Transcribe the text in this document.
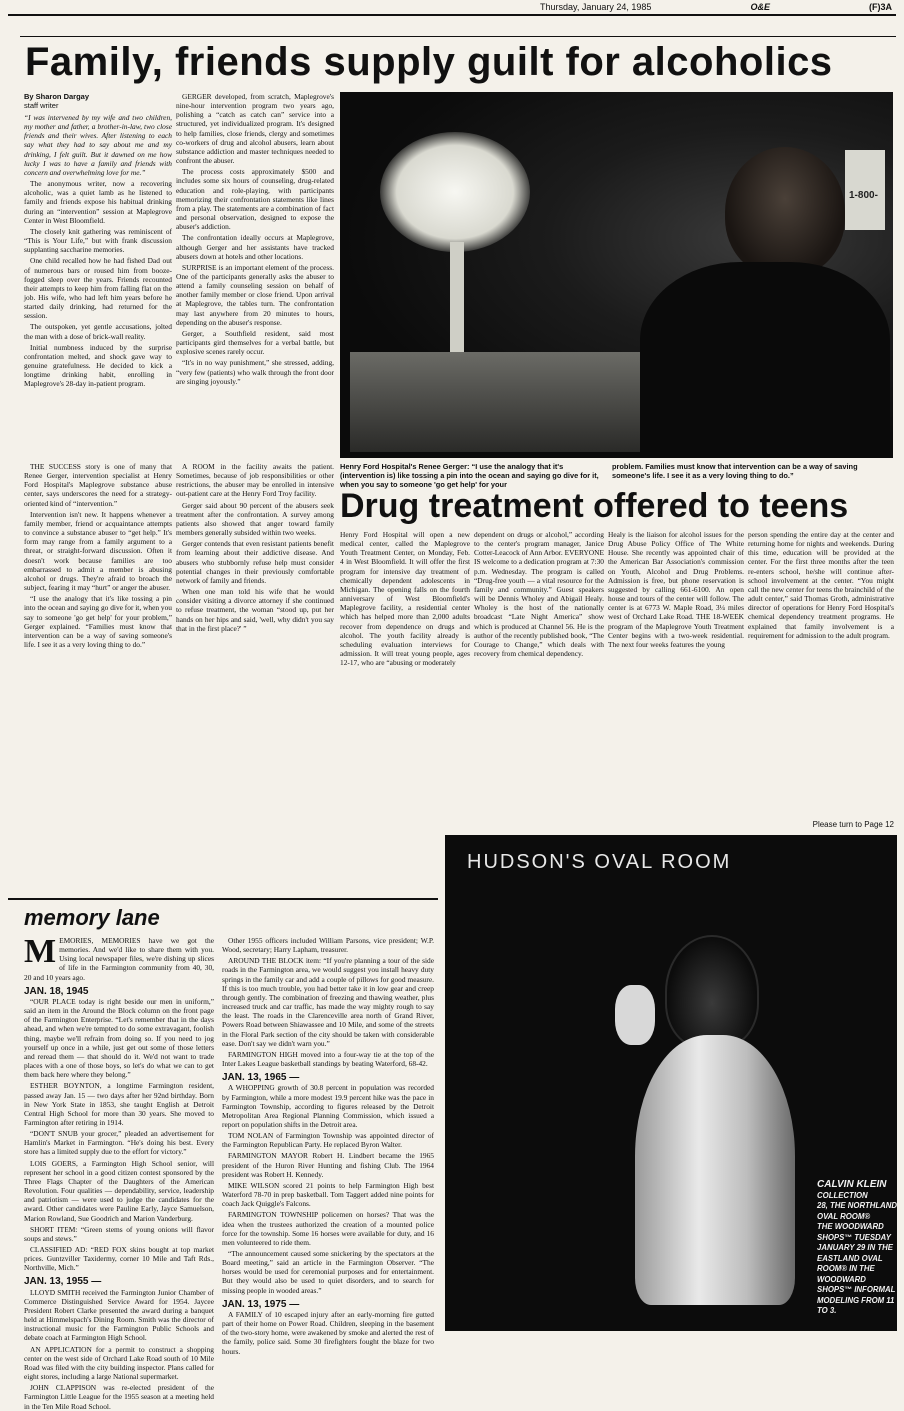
Thursday, January 24, 1985	O&E	(F)3A
Family, friends supply guilt for alcoholics
By Sharon Dargay
staff writer

“I was intervened by my wife and two children, my mother and father, a brother-in-law, two close friends and their wives. After listening to each say what they had to say about me and my drinking, I felt guilt. But it dawned on me how lucky I was to have a family and friends with concern and overwhelming love for me.”

The anonymous writer, now a recovering alcoholic, was a quiet lamb as he listened to family and friends expose his habitual drinking during an “intervention” session at Maplegrove Center in West Bloomfield.

The closely knit gathering was reminiscent of “This is Your Life,” but with frank discussion supplanting saccharine memories.

One child recalled how he had fished Dad out of numerous bars or roused him from booze-fogged sleep over the years. Friends recounted their attempts to keep him from falling flat on the job. His wife, who had left him years before he started daily drinking, had returned for the session.

The outspoken, yet gentle accusations, jolted the man with a dose of brick-wall reality.

Initial numbness induced by the surprise confrontation melted, and shock gave way to genuine gratefulness. He decided to kick a longtime drinking habit, enrolling in Maplegrove's 28-day in-patient program.

GERGER developed, from scratch, Maplegrove's nine-hour intervention program two years ago, polishing a “catch as catch can” service into a structured, yet individualized program. It's designed to help families, close friends, clergy and sometimes co-workers of drug and alcohol abusers, learn about substance addiction and master techniques needed to confront the abuser.

The process costs approximately $500 and includes some six hours of counseling, drug-related education and role-playing, with participants memorizing their confrontation statements like lines from a play. The statements are a combination of fact and personal observation, designed to expose the abuser's addiction.

The confrontation ideally occurs at Maplegrove, although Gerger and her assistants have tracked abusers down at hotels and other locations.

SURPRISE is an important element of the process. One of the participants generally asks the abuser to attend a family counseling session on behalf of another family member or close friend. Upon arrival at Maplegrove, the tables turn. The confrontation may last anywhere from 20 minutes to hours, depending on the abuser's response.

Gerger, a Southfield resident, said most participants gird themselves for a verbal battle, but explosive scenes rarely occur.

“It's in no way punishment,” she stressed, adding, “very few (patients) who walk through the front door are singing joyously.”

THE SUCCESS story is one of many that Renee Gerger, intervention specialist at Henry Ford Hospital's Maplegrove substance abuse center, says underscores the need for a strategy-oriented kind of “intervention.”

Intervention isn't new. It happens whenever a family member, friend or acquaintance attempts to convince a substance abuser to “get help.” It's form may range from a family argument to a threat, or straight-forward discussion. Often it doesn't work because families are too embarrassed to admit a member is abusing alcohol or drugs. They're afraid to broach the subject, fearing it may “hurt” or anger the abuser.

“I use the analogy that it's like tossing a pin into the ocean and saying go dive for it, when you say to someone 'go get help' for your problem,” Gerger explained. “Families must know that intervention can be a way of saving someone's life. I see it as a very loving thing to do.”

A ROOM in the facility awaits the patient. Sometimes, because of job responsibilities or other restrictions, the abuser may be enrolled in intensive out-patient care at the Henry Ford Troy facility.

Gerger said about 90 percent of the abusers seek treatment after the confrontation. A survey among patients also showed that anger toward family members generally subsided within two weeks.

Gerger contends that even resistant patients benefit from learning about their addictive disease. And abusers who stubbornly refuse help must consider potential changes in their previously comfortable network of family and friends.

When one man told his wife that he would consider visiting a divorce attorney if she continued to refuse treatment, the woman “stood up, put her hands on her hips and said, 'well, why didn't you say that in the first place?' ”

1-800-
Henry Ford Hospital's Renee Gerger: “I use the analogy that it's (intervention is) like tossing a pin into the ocean and saying go dive for it, when you say to someone 'go get help' for your
problem. Families must know that intervention can be a way of saving someone's life. I see it as a very loving thing to do.”
Drug treatment offered to teens

Henry Ford Hospital will open a new medical center, called the Maplegrove Youth Treatment Center, on Monday, Feb. 4 in West Bloomfield. It will offer the first program for intensive day treatment of chemically dependent adolescents in Michigan. The opening falls on the fourth anniversary of West Bloomfield's Maplegrove facility, a residential center which has helped more than 2,000 adults recover from dependence on drugs and alcohol. The youth facility already is scheduling evaluation interviews for admission. It will treat young people, ages 12-17, who are “abusing or moderately

dependent on drugs or alcohol,” according to the center's program manager, Janice Cotter-Leacock of Ann Arbor. EVERYONE IS welcome to a dedication program at 7:30 p.m. Wednesday. The program is called “Drug-free youth — a vital resource for the family and community.” Guest speakers will be Dennis Wholey and Abigail Healy. Wholey is the host of the nationally broadcast “Late Night America” show which is produced at Channel 56. He is the author of the recently published book, “The Courage to Change,” which deals with recovery from chemical dependency.

Healy is the liaison for alcohol issues for the Drug Abuse Policy Office of The White House. She recently was appointed chair of the American Bar Association's commission on Youth, Alcohol and Drug Problems. Admission is free, but phone reservation is suggested by calling 661-6100. An open house and tours of the center will follow. The center is at 6773 W. Maple Road, 3¼ miles west of Orchard Lake Road. THE 18-WEEK program of the Maplegrove Youth Treatment Center begins with a two-week residential. The next four weeks features the young

person spending the entire day at the center and returning home for nights and weekends. During this time, education will be provided at the center. For the first three months after the teen re-enters school, he/she will continue after-school involvement at the center. “You might call the new center for teens the brainchild of the adult center,” said Thomas Groth, administrative director of operations for Henry Ford Hospital's chemical dependency treatment programs. He explained that family involvement is a requirement for admission to the adult program.

Please turn to Page 12
memory lane

MEMORIES, MEMORIES have we got the memories. And we'd like to share them with you. Using local newspaper files, we're dishing up slices of life in the Farmington community from 40, 30, 20 and 10 years ago.

JAN. 18, 1945

“OUR PLACE today is right beside our men in uniform,” said an item in the Around the Block column on the front page of the Farmington Enterprise. “Let's remember that in the days ahead, and when we're tempted to do some extravagant, foolish thing, maybe we'll refrain from doing so. If you need to jog yourself up once in a while, just get out some of those letters and reread them — that should do it. We'd not want to trade places with a one of those boys, so let's do what we can to get them back here where they belong.”

ESTHER BOYNTON, a longtime Farmington resident, passed away Jan. 15 — two days after her 92nd birthday. Born in New York State in 1853, she taught English at Detroit Central High School for more than 30 years. She moved to Farmington after retiring in 1914.

“DON'T SNUB your grocer,” pleaded an advertisement for Hamlin's Market in Farmington. “He's doing his best. Every store has a limited supply due to the effort for victory.”

LOIS GOERS, a Farmington High School senior, will represent her school in a good citizen contest sponsored by the Three Flags Chapter of the Daughters of the American Revolution. Four qualities — dependability, service, leadership and patriotism — were used to judge the candidates for the award. Other candidates were Pauline Early, Jayce Samuelson, Marion Rowland, Sue Goodrich and Marion Vanderburg.

SHORT ITEM: “Green stems of young onions will flavor soups and stews.”

CLASSIFIED AD: “RED FOX skins bought at top market prices. Guntzviller Taxidermy, corner 10 Mile and Taft Rds., Northville, Mich.”

JAN. 13, 1955 —

LLOYD SMITH received the Farmington Junior Chamber of Commerce Distinguished Service Award for 1954. Jaycee President Robert Clarke presented the award during a banquet held at Himmelspach's Dining Room. Smith was the director of instructional music for the Farmington Public Schools and debate coach at Farmington High School.

AN APPLICATION for a permit to construct a shopping center on the west side of Orchard Lake Road south of 10 Mile Road was filed with the city building inspector. Plans called for eight stores, including a large National supermarket.

JOHN CLAPPISON was re-elected president of the Farmington Little League for the 1955 season at a meeting held in the Ten Mile Road School.

Other 1955 officers included William Parsons, vice president; W.P. Wood, secretary; Harry Lapham, treasurer.

AROUND THE BLOCK item: “If you're planning a tour of the side roads in the Farmington area, we would suggest you install heavy duty springs in the family car and add a couple of pillows for good measure. If this is too much trouble, you had better take it in low gear and creep through gently. The combination of freezing and thawing weather, plus increased truck and car traffic, has made the way mighty rough to say the least. The roads in the Clarenceville area north of Grand River, Powers Road between Shiawassee and 10 Mile, and some of the streets in the Floral Park section of the city should be taken with considerable ease. Don't say we didn't warn you.”

FARMINGTON HIGH moved into a four-way tie at the top of the Inter Lakes League basketball standings by beating Waterford, 68-42.

JAN. 13, 1965 —

A WHOPPING growth of 30.8 percent in population was recorded by Farmington, while a more modest 19.9 percent hike was the pace in Farmington Township, according to figures released by the Detroit Metropolitan Area Regional Planning Commission, which issued a report on population shifts in the Detroit area.

TOM NOLAN of Farmington Township was appointed director of the Farmington Republican Party. He replaced Byron Walter.

FARMINGTON MAYOR Robert H. Lindbert became the 1965 president of the Huron River Hunting and fishing Club. The 1964 president was Robert H. Kennedy.

MIKE WILSON scored 21 points to help Farmington High best Waterford 78-70 in prep basketball. Tom Taggert added nine points for coach Jack Quiggle's Falcons.

FARMINGTON TOWNSHIP policemen on horses? That was the idea when the trustees authorized the creation of a mounted police force for the township. Some 16 horses were available for duty, and 16 men volunteered to ride them.

“The announcement caused some snickering by the spectators at the Board meeting,” said an article in the Farmington Observer. “The horses would be used for ceremonial purposes and for entertainment. But they would also be used to quiet disorders, and to search for missing people in wooded areas.”

JAN. 13, 1975 —

A FAMILY of 10 escaped injury after an early-morning fire gutted part of their home on Power Road. Children, sleeping in the basement of the two-story home, were awakened by smoke and alerted the rest of the family, police said. Some 30 firefighters fought the blaze for two hours.

HUDSON'S OVAL ROOM
CALVIN KLEIN
COLLECTION
28, THE NORTHLAND
OVAL ROOM®
THE WOODWARD
SHOPS™ TUESDAY
JANUARY 29 IN THE
EASTLAND OVAL
ROOM® IN THE
WOODWARD
SHOPS™ INFORMAL
MODELING FROM 11
TO 3.
